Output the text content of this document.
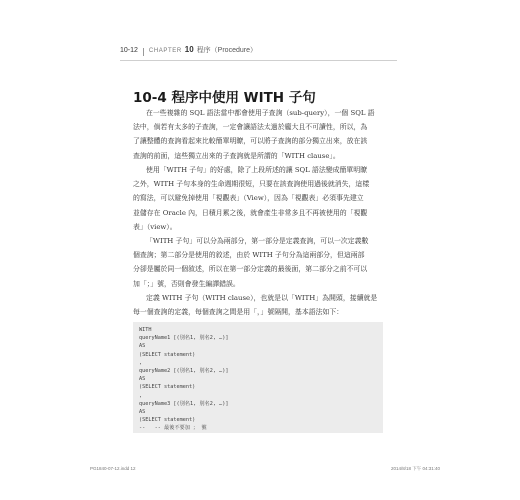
10-12 CHAPTER 10 程序（Procedure）
10-4 程序中使用 WITH 子句
在一些複雜的 SQL 語法當中都會使用子查詢（sub-query），一個 SQL 語
法中，倘若有太多的子查詢，一定會讓語法太過於龐大且不可讀性，所以，為
了讓整體的查詢看起來比較簡單明瞭，可以將子查詢的部分獨立出來，放在該
查詢的前面，這些獨立出來的子查詢就是所謂的「WITH clause」。
使用「WITH 子句」的好處，除了上段所述的讓 SQL 語法變成簡單明瞭
之外，WITH 子句本身的生命週期很短，只要在該查詢使用過後就消失，這樣
的寫法，可以避免掉使用「視觀表」（View），因為「視觀表」必須事先建立
並儲存在 Oracle 內，日積月累之後，就會產生非常多且不再被使用的「視觀
表」（view）。
「WITH 子句」可以分為兩部分，第一部分是定義查詢，可以一次定義數
個查詢；第二部分是使用的敘述，由於 WITH 子句分為這兩部分，但這兩部
分卻是屬於同一個敘述，所以在第一部分定義的最後面，第二部分之前不可以
加「；」號，否則會發生編譯錯誤。
定義 WITH 子句（WITH clause），也就是以「WITH」為開頭，接續就是
每一個查詢的定義，每個查詢之間是用「，」號隔開，基本語法如下：
WITH
queryName1 [(別名1, 別名2, …)]
AS
(SELECT statement)
,
queryName2 [(別名1, 別名2, …)]
AS
(SELECT statement)
,
queryName3 [(別名1, 別名2, …)]
AS
(SELECT statement)
--   -- 最後不要加 ； 號
PG1840-07-12.indd 12	2014/8/18 下午 04:31:40
